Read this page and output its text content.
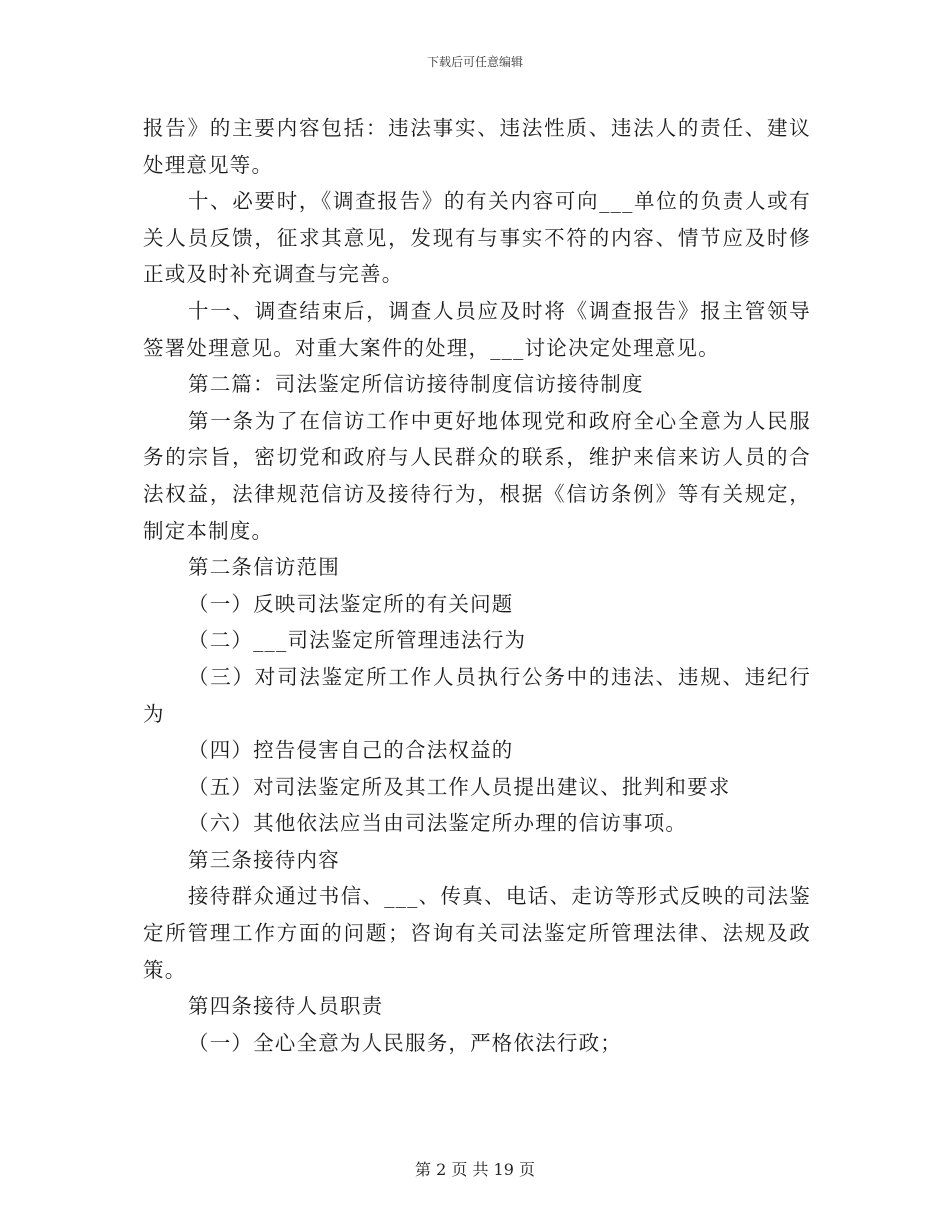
下载后可任意编辑

报告》的主要内容包括：违法事实、违法性质、违法人的责任、建议处理意见等。

十、必要时，《调查报告》的有关内容可向___单位的负责人或有关人员反馈，征求其意见，发现有与事实不符的内容、情节应及时修正或及时补充调查与完善。

十一、调查结束后，调查人员应及时将《调查报告》报主管领导签署处理意见。对重大案件的处理，___讨论决定处理意见。

第二篇：司法鉴定所信访接待制度信访接待制度

第一条为了在信访工作中更好地体现党和政府全心全意为人民服务的宗旨，密切党和政府与人民群众的联系，维护来信来访人员的合法权益，法律规范信访及接待行为，根据《信访条例》等有关规定，制定本制度。

第二条信访范围

（一）反映司法鉴定所的有关问题

（二）___司法鉴定所管理违法行为

（三）对司法鉴定所工作人员执行公务中的违法、违规、违纪行为

（四）控告侵害自己的合法权益的

（五）对司法鉴定所及其工作人员提出建议、批判和要求

（六）其他依法应当由司法鉴定所办理的信访事项。

第三条接待内容

接待群众通过书信、___、传真、电话、走访等形式反映的司法鉴定所管理工作方面的问题；咨询有关司法鉴定所管理法律、法规及政策。

第四条接待人员职责

（一）全心全意为人民服务，严格依法行政；

第 2 页 共 19 页
